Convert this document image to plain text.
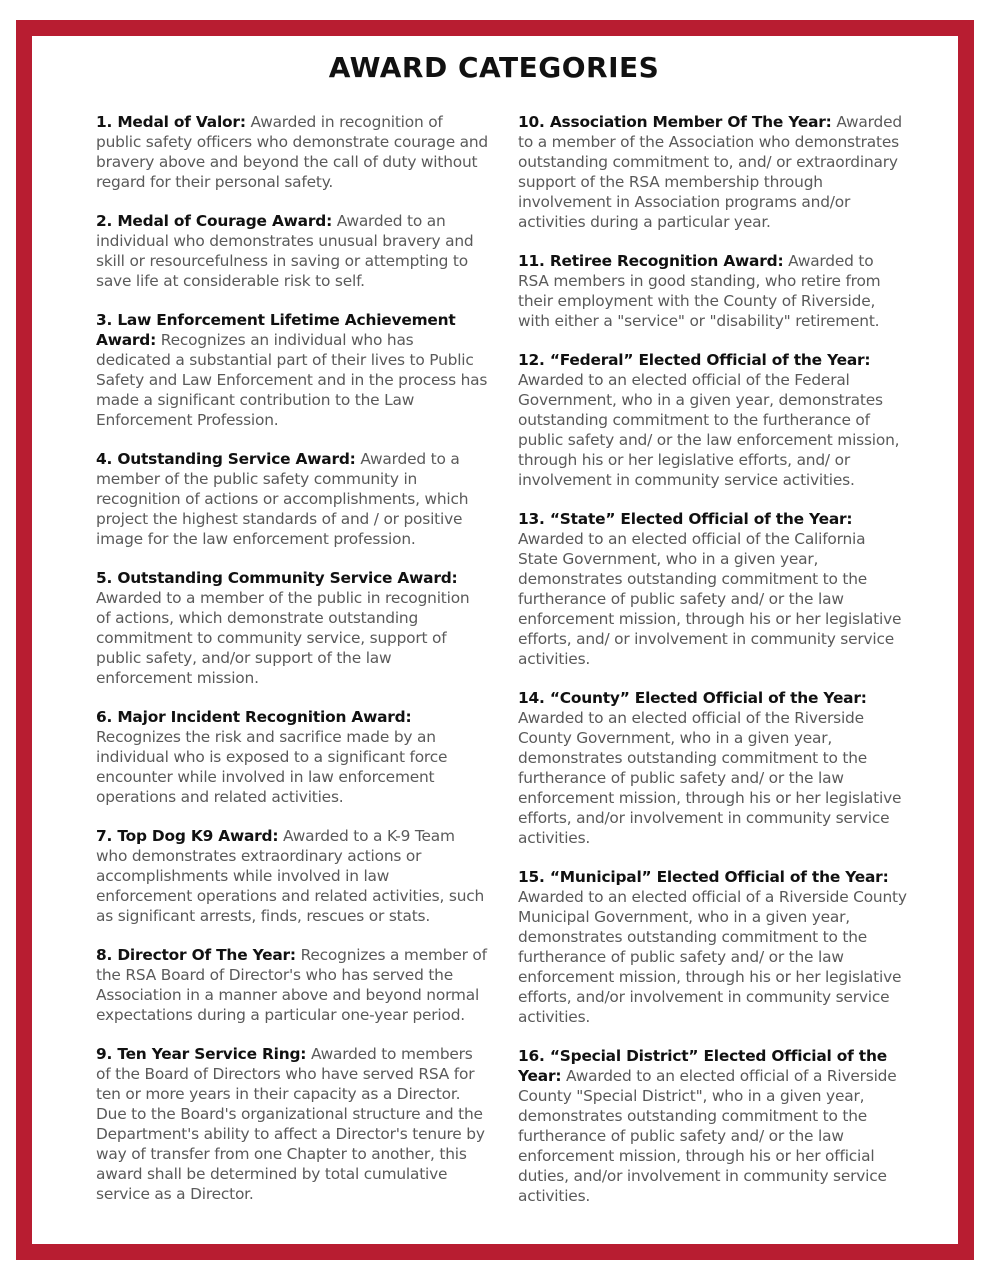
AWARD CATEGORIES

1. Medal of Valor: Awarded in recognition of public safety officers who demonstrate courage and bravery above and beyond the call of duty without regard for their personal safety.

2. Medal of Courage Award: Awarded to an individual who demonstrates unusual bravery and skill or resourcefulness in saving or attempting to save life at considerable risk to self.

3. Law Enforcement Lifetime Achievement Award: Recognizes an individual who has dedicated a substantial part of their lives to Public Safety and Law Enforcement and in the process has made a significant contribution to the Law Enforcement Profession.

4. Outstanding Service Award: Awarded to a member of the public safety community in recognition of actions or accomplishments, which project the highest standards of and / or positive image for the law enforcement profession.

5. Outstanding Community Service Award: Awarded to a member of the public in recognition of actions, which demonstrate outstanding commitment to community service, support of public safety, and/or support of the law enforcement mission.

6. Major Incident Recognition Award: Recognizes the risk and sacrifice made by an individual who is exposed to a significant force encounter while involved in law enforcement operations and related activities.

7. Top Dog K9 Award: Awarded to a K-9 Team who demonstrates extraordinary actions or accomplishments while involved in law enforcement operations and related activities, such as significant arrests, finds, rescues or stats.

8. Director Of The Year: Recognizes a member of the RSA Board of Director's who has served the Association in a manner above and beyond normal expectations during a particular one-year period.

9. Ten Year Service Ring: Awarded to members of the Board of Directors who have served RSA for ten or more years in their capacity as a Director. Due to the Board's organizational structure and the Department's ability to affect a Director's tenure by way of transfer from one Chapter to another, this award shall be determined by total cumulative service as a Director.

10. Association Member Of The Year: Awarded to a member of the Association who demonstrates outstanding commitment to, and/ or extraordinary support of the RSA membership through involvement in Association programs and/or activities during a particular year.

11. Retiree Recognition Award: Awarded to RSA members in good standing, who retire from their employment with the County of Riverside, with either a "service" or "disability" retirement.

12. “Federal” Elected Official of the Year: Awarded to an elected official of the Federal Government, who in a given year, demonstrates outstanding commitment to the furtherance of public safety and/ or the law enforcement mission, through his or her legislative efforts, and/ or involvement in community service activities.

13. “State” Elected Official of the Year: Awarded to an elected official of the California State Government, who in a given year, demonstrates outstanding commitment to the furtherance of public safety and/ or the law enforcement mission, through his or her legislative efforts, and/ or involvement in community service activities.

14. “County” Elected Official of the Year: Awarded to an elected official of the Riverside County Government, who in a given year, demonstrates outstanding commitment to the furtherance of public safety and/ or the law enforcement mission, through his or her legislative efforts, and/or involvement in community service activities.

15. “Municipal” Elected Official of the Year: Awarded to an elected official of a Riverside County Municipal Government, who in a given year, demonstrates outstanding commitment to the furtherance of public safety and/ or the law enforcement mission, through his or her legislative efforts, and/or involvement in community service activities.

16. “Special District” Elected Official of the Year: Awarded to an elected official of a Riverside County "Special District", who in a given year, demonstrates outstanding commitment to the furtherance of public safety and/ or the law enforcement mission, through his or her official duties, and/or involvement in community service activities.
